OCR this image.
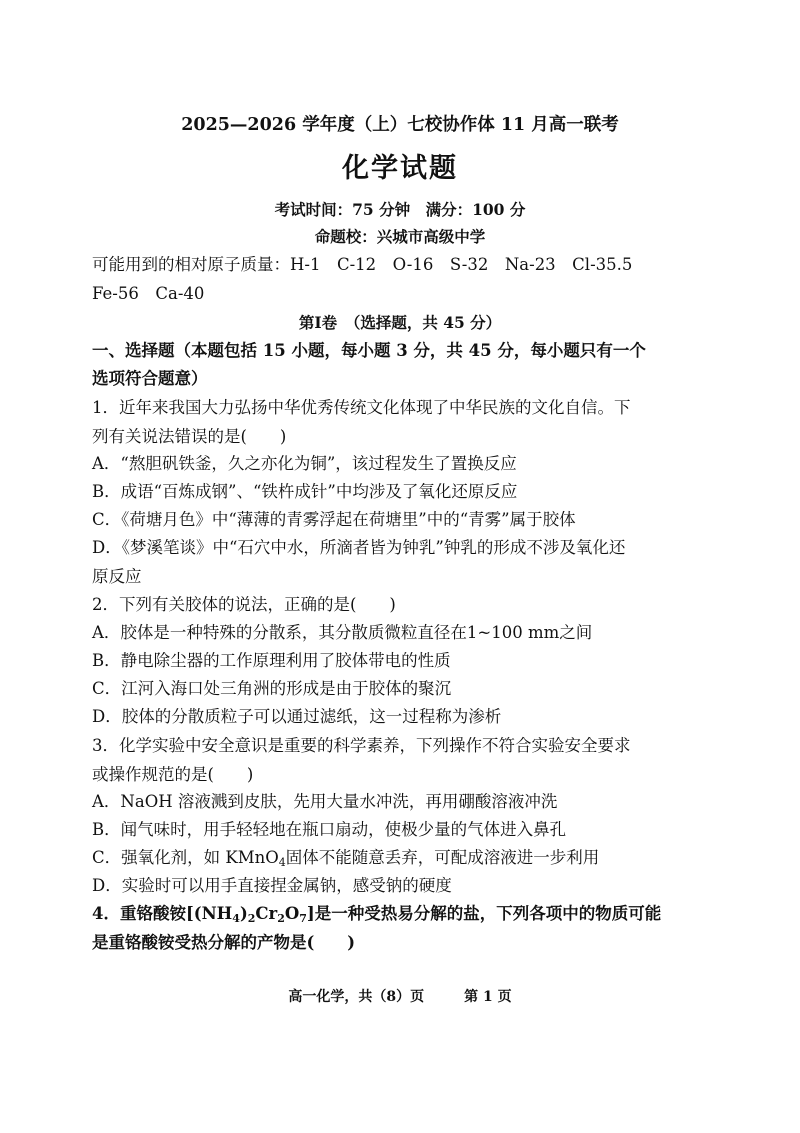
2025—2026 学年度（上）七校协作体 11 月高一联考
化学试题
考试时间：75 分钟　满分：100 分
命题校：兴城市高级中学
可能用到的相对原子质量：H-1　C-12　O-16　S-32　Na-23　Cl-35.5
Fe-56　Ca-40
第Ⅰ卷　（选择题，共 45 分）
一、选择题（本题包括 15 小题，每小题 3 分，共 45 分，每小题只有一个
选项符合题意）
1．近年来我国大力弘扬中华优秀传统文化体现了中华民族的文化自信。下
列有关说法错误的是(　　)
A．“熬胆矾铁釜，久之亦化为铜”，该过程发生了置换反应
B．成语“百炼成钢”、“铁杵成针”中均涉及了氧化还原反应
C．《荷塘月色》中“薄薄的青雾浮起在荷塘里”中的“青雾”属于胶体
D．《梦溪笔谈》中“石穴中水，所滴者皆为钟乳”钟乳的形成不涉及氧化还
原反应
2．下列有关胶体的说法，正确的是(　　)
A．胶体是一种特殊的分散系，其分散质微粒直径在1~100 mm之间
B．静电除尘器的工作原理利用了胶体带电的性质
C．江河入海口处三角洲的形成是由于胶体的聚沉
D．胶体的分散质粒子可以通过滤纸，这一过程称为渗析
3．化学实验中安全意识是重要的科学素养，下列操作不符合实验安全要求
或操作规范的是(　　)
A．NaOH 溶液溅到皮肤，先用大量水冲洗，再用硼酸溶液冲洗
B．闻气味时，用手轻轻地在瓶口扇动，使极少量的气体进入鼻孔
C．强氧化剂，如 KMnO$_4$固体不能随意丢弃，可配成溶液进一步利用
D．实验时可以用手直接捏金属钠，感受钠的硬度
4．重铬酸铵$[(NH_4)_2Cr_2O_7]$是一种受热易分解的盐，下列各项中的物质可能
是重铬酸铵受热分解的产物是(　　)
高一化学，共（8）页	第 1 页
